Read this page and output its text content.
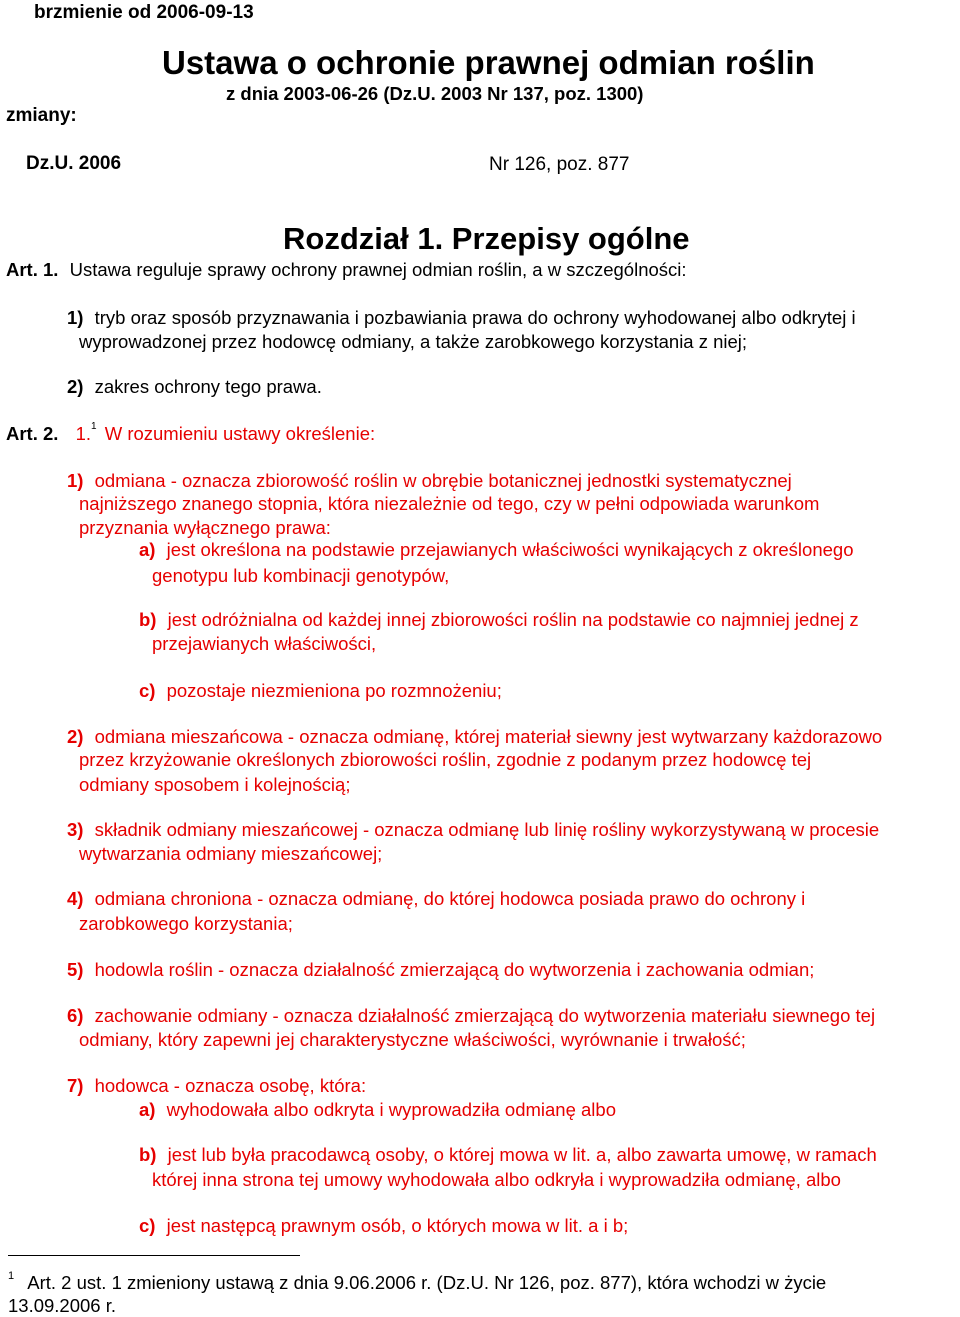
brzmienie od 2006-09-13
zmiany:
Dz.U. 2006	Nr 126, poz. 877
Ustawa o ochronie prawnej odmian roślin
z dnia 2003-06-26 (Dz.U. 2003 Nr 137, poz. 1300)
Rozdział 1. Przepisy ogólne
Art. 1. Ustawa reguluje sprawy ochrony prawnej odmian roślin, a w szczególności:
1) tryb oraz sposób przyznawania i pozbawiania prawa do ochrony wyhodowanej albo odkrytej i
wyprowadzonej przez hodowcę odmiany, a także zarobkowego korzystania z niej;
2) zakres ochrony tego prawa.
Art. 2. 1.$^1$ W rozumieniu ustawy określenie:
1) odmiana - oznacza zbiorowość roślin w obrębie botanicznej jednostki systematycznej
najniższego znanego stopnia, która niezależnie od tego, czy w pełni odpowiada warunkom
przyznania wyłącznego prawa:
a) jest określona na podstawie przejawianych właściwości wynikających z określonego
genotypu lub kombinacji genotypów,
b) jest odróżnialna od każdej innej zbiorowości roślin na podstawie co najmniej jednej z
przejawianych właściwości,
c) pozostaje niezmieniona po rozmnożeniu;
2) odmiana mieszańcowa - oznacza odmianę, której materiał siewny jest wytwarzany każdorazowo
przez krzyżowanie określonych zbiorowości roślin, zgodnie z podanym przez hodowcę tej
odmiany sposobem i kolejnością;
3) składnik odmiany mieszańcowej - oznacza odmianę lub linię rośliny wykorzystywaną w procesie
wytwarzania odmiany mieszańcowej;
4) odmiana chroniona - oznacza odmianę, do której hodowca posiada prawo do ochrony i
zarobkowego korzystania;
5) hodowla roślin - oznacza działalność zmierzającą do wytworzenia i zachowania odmian;
6) zachowanie odmiany - oznacza działalność zmierzającą do wytworzenia materiału siewnego tej
odmiany, który zapewni jej charakterystyczne właściwości, wyrównanie i trwałość;
7) hodowca - oznacza osobę, która:
a) wyhodowała albo odkryta i wyprowadziła odmianę albo
b) jest lub była pracodawcą osoby, o której mowa w lit. a, albo zawarta umowę, w ramach
której inna strona tej umowy wyhodowała albo odkryła i wyprowadziła odmianę, albo
c) jest następcą prawnym osób, o których mowa w lit. a i b;
$^1$ Art. 2 ust. 1 zmieniony ustawą z dnia 9.06.2006 r. (Dz.U. Nr 126, poz. 877), która wchodzi w życie
13.09.2006 r.
